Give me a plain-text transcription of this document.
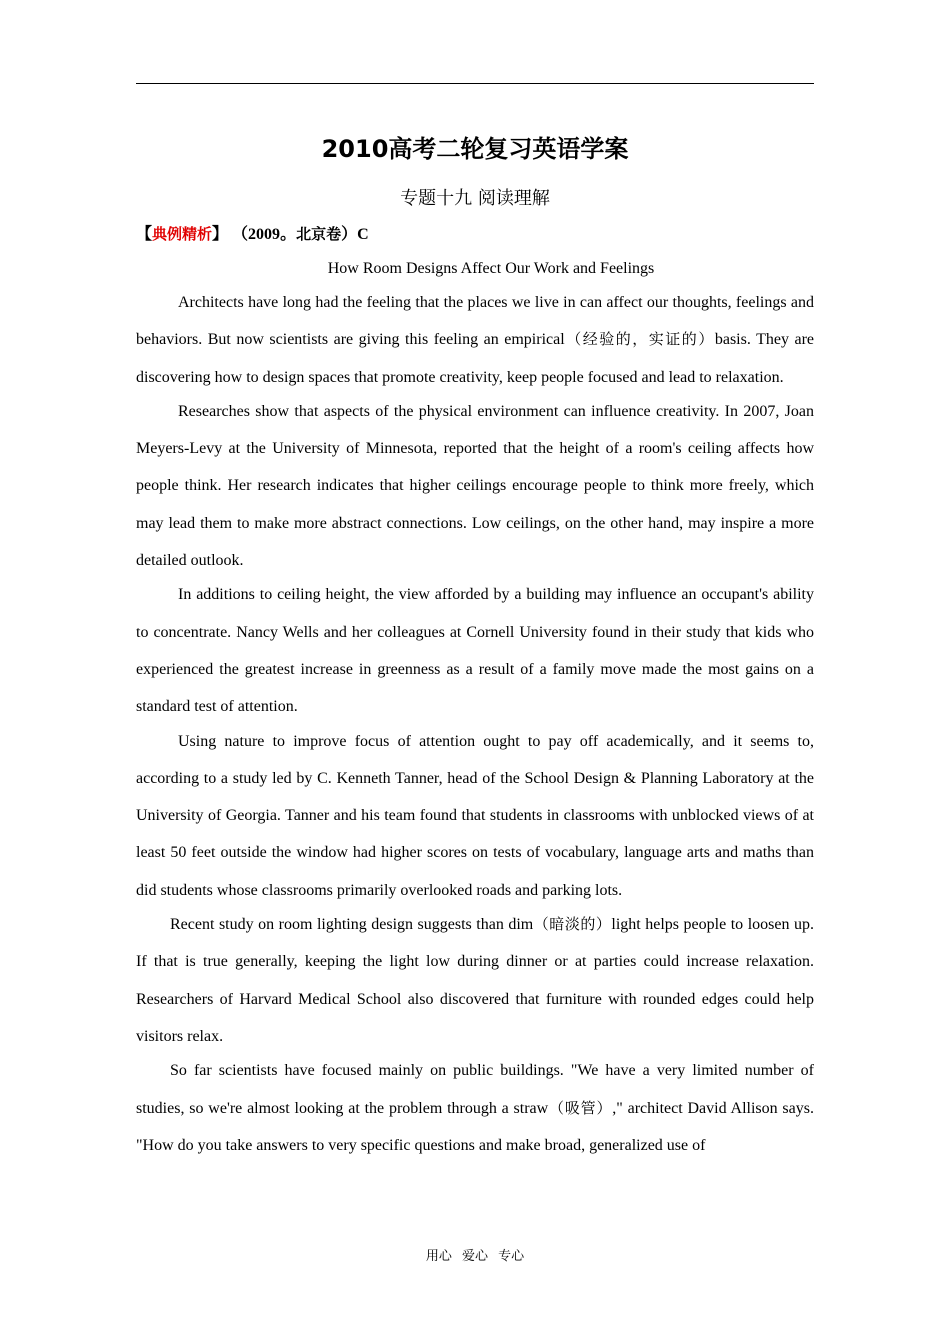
2010高考二轮复习英语学案
专题十九 阅读理解
【典例精析】 （2009。北京卷）C
How Room Designs Affect Our Work and Feelings

Architects have long had the feeling that the places we live in can affect our thoughts, feelings and behaviors. But now scientists are giving this feeling an empirical（经验的，实证的）basis. They are discovering how to design spaces that promote creativity, keep people focused and lead to relaxation.

Researches show that aspects of the physical environment can influence creativity. In 2007, Joan Meyers-Levy at the University of Minnesota, reported that the height of a room's ceiling affects how people think. Her research indicates that higher ceilings encourage people to think more freely, which may lead them to make more abstract connections. Low ceilings, on the other hand, may inspire a more detailed outlook.

In additions to ceiling height, the view afforded by a building may influence an occupant's ability to concentrate. Nancy Wells and her colleagues at Cornell University found in their study that kids who experienced the greatest increase in greenness as a result of a family move made the most gains on a standard test of attention.

Using nature to improve focus of attention ought to pay off academically, and it seems to, according to a study led by C. Kenneth Tanner, head of the School Design & Planning Laboratory at the University of Georgia. Tanner and his team found that students in classrooms with unblocked views of at least 50 feet outside the window had higher scores on tests of vocabulary, language arts and maths than did students whose classrooms primarily overlooked roads and parking lots.

Recent study on room lighting design suggests than dim（暗淡的）light helps people to loosen up. If that is true generally, keeping the light low during dinner or at parties could increase relaxation. Researchers of Harvard Medical School also discovered that furniture with rounded edges could help visitors relax.

So far scientists have focused mainly on public buildings. "We have a very limited number of studies, so we're almost looking at the problem through a straw（吸管）," architect David Allison says. "How do you take answers to very specific questions and make broad, generalized use of

用心 爱心 专心
